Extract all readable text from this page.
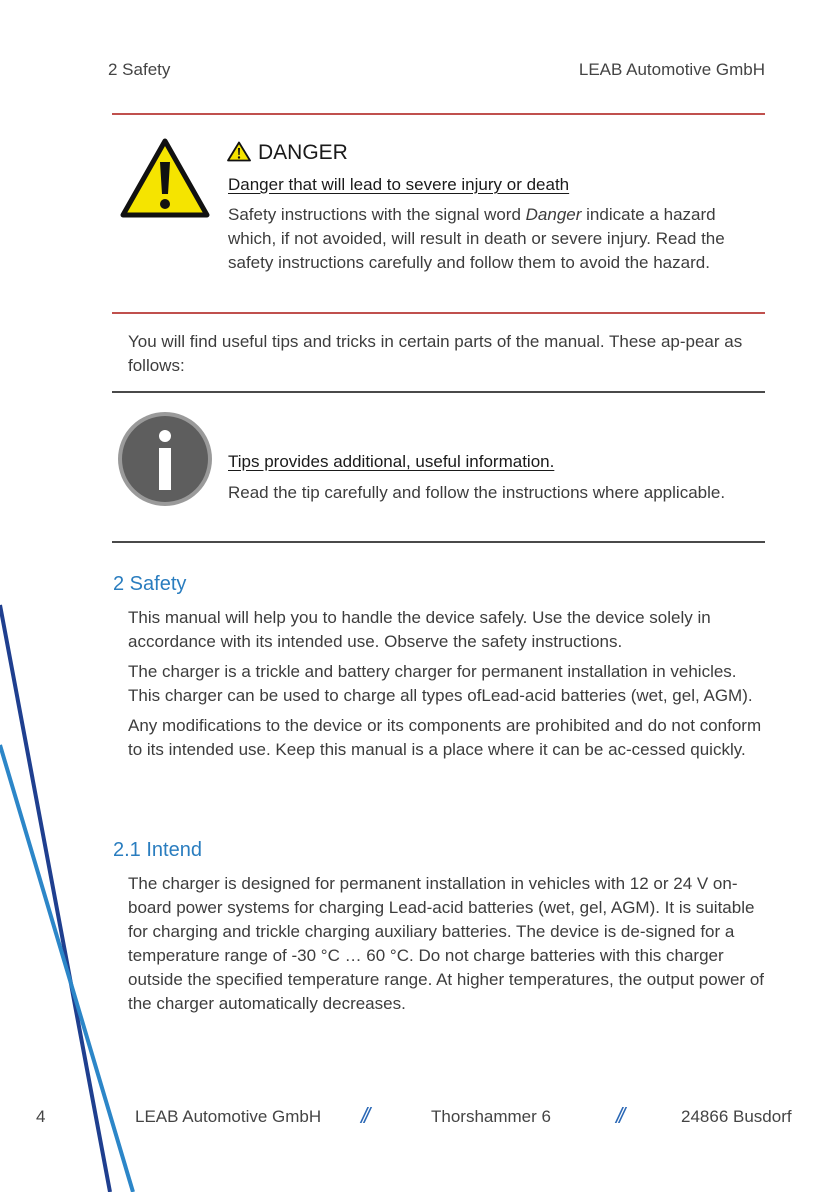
2 Safety	LEAB Automotive GmbH
DANGER
Danger that will lead to severe injury or death

Safety instructions with the signal word Danger indicate a hazard which, if not avoided, will result in death or severe injury. Read the safety instructions carefully and follow them to avoid the hazard.

You will find useful tips and tricks in certain parts of the manual. These ap-pear as follows:

Tips provides additional, useful information.

Read the tip carefully and follow the instructions where applicable.

2 Safety

This manual will help you to handle the device safely. Use the device solely in accordance with its intended use. Observe the safety instructions.

The charger is a trickle and battery charger for permanent installation in vehicles. This charger can be used to charge all types ofLead-acid batteries (wet, gel, AGM).

Any modifications to the device or its components are prohibited and do not conform to its intended use. Keep this manual is a place where it can be ac-cessed quickly.

2.1 Intend

The charger is designed for permanent installation in vehicles with 12 or 24 V on-board power systems for charging Lead-acid batteries (wet, gel, AGM). It is suitable for charging and trickle charging auxiliary batteries. The device is de-signed for a temperature range of -30 °C … 60 °C. Do not charge batteries with this charger outside the specified temperature range. At higher temperatures, the output power of the charger automatically decreases.

4	LEAB Automotive GmbH //	Thorshammer 6	//	24866 Busdorf
